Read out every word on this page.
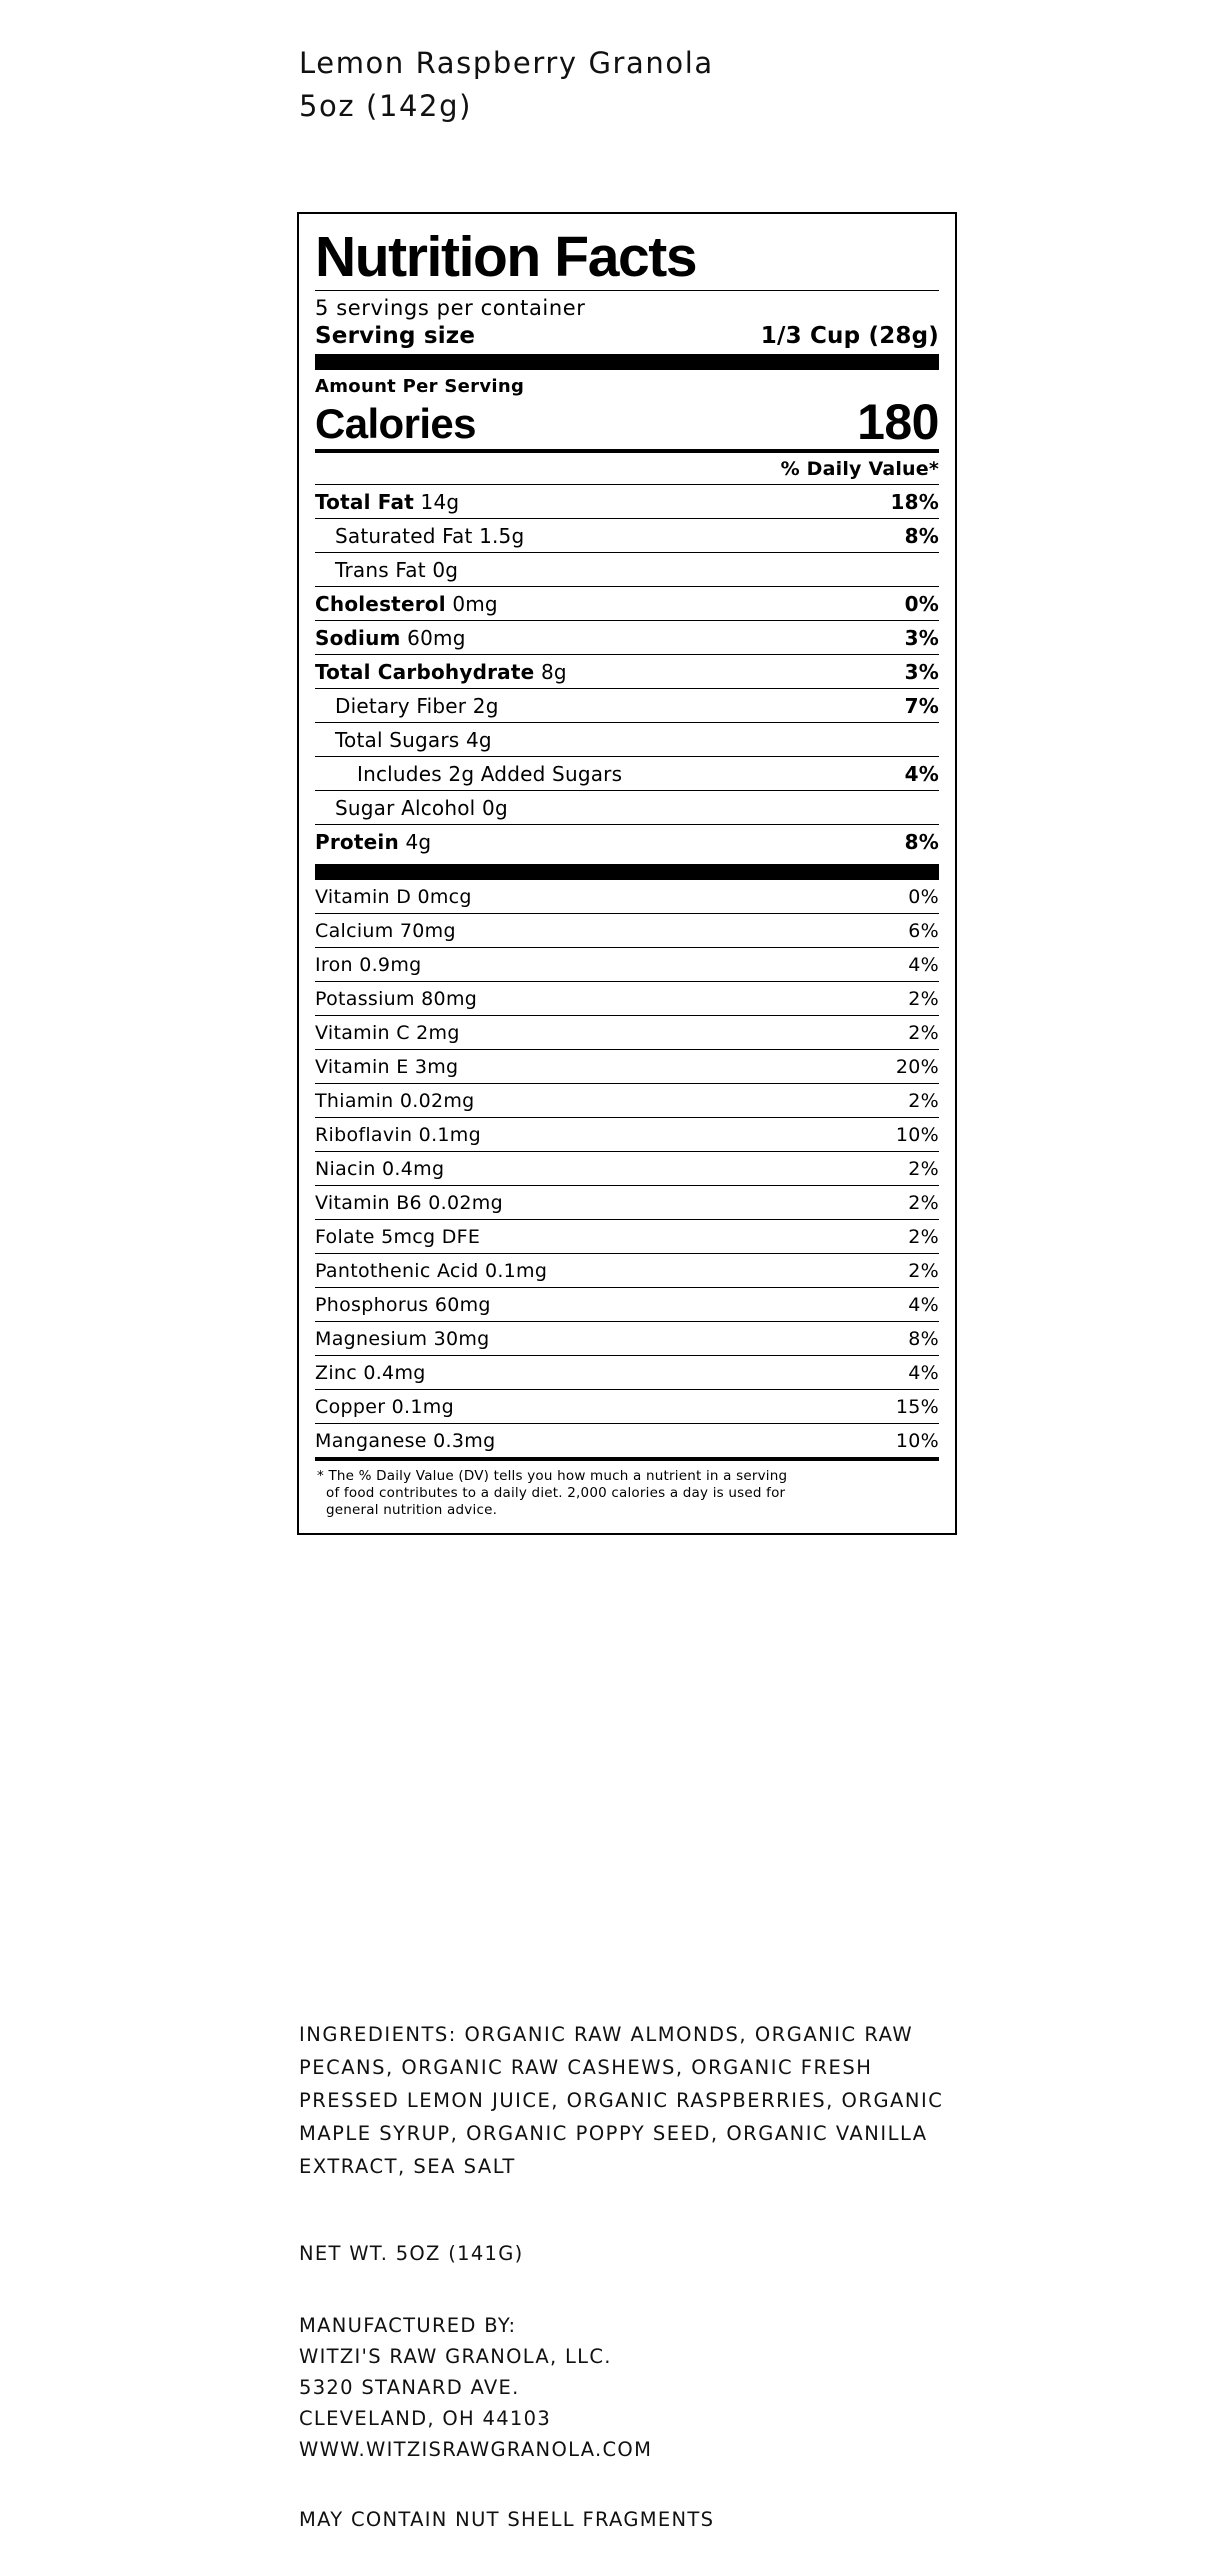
Lemon Raspberry Granola
5oz (142g)
Nutrition Facts
5 servings per container
Serving size	1/3 Cup (28g)
Amount Per Serving
Calories	180
% Daily Value*
Total Fat 14g	18%
Saturated Fat 1.5g	8%
Trans Fat 0g
Cholesterol 0mg	0%
Sodium 60mg	3%
Total Carbohydrate 8g	3%
Dietary Fiber 2g	7%
Total Sugars 4g
Includes 2g Added Sugars	4%
Sugar Alcohol 0g
Protein 4g	8%
Vitamin D 0mcg	0%
Calcium 70mg	6%
Iron 0.9mg	4%
Potassium 80mg	2%
Vitamin C 2mg	2%
Vitamin E 3mg	20%
Thiamin 0.02mg	2%
Riboflavin 0.1mg	10%
Niacin 0.4mg	2%
Vitamin B6 0.02mg	2%
Folate 5mcg DFE	2%
Pantothenic Acid 0.1mg	2%
Phosphorus 60mg	4%
Magnesium 30mg	8%
Zinc 0.4mg	4%
Copper 0.1mg	15%
Manganese 0.3mg	10%
* The % Daily Value (DV) tells you how much a nutrient in a serving
of food contributes to a daily diet. 2,000 calories a day is used for
general nutrition advice.
INGREDIENTS: ORGANIC RAW ALMONDS, ORGANIC RAW PECANS, ORGANIC RAW CASHEWS, ORGANIC FRESH PRESSED LEMON JUICE, ORGANIC RASPBERRIES, ORGANIC MAPLE SYRUP, ORGANIC POPPY SEED, ORGANIC VANILLA EXTRACT, SEA SALT
NET WT. 5OZ (141G)
MANUFACTURED BY:
WITZI'S RAW GRANOLA, LLC.
5320 STANARD AVE.
CLEVELAND, OH 44103
WWW.WITZISRAWGRANOLA.COM
MAY CONTAIN NUT SHELL FRAGMENTS
